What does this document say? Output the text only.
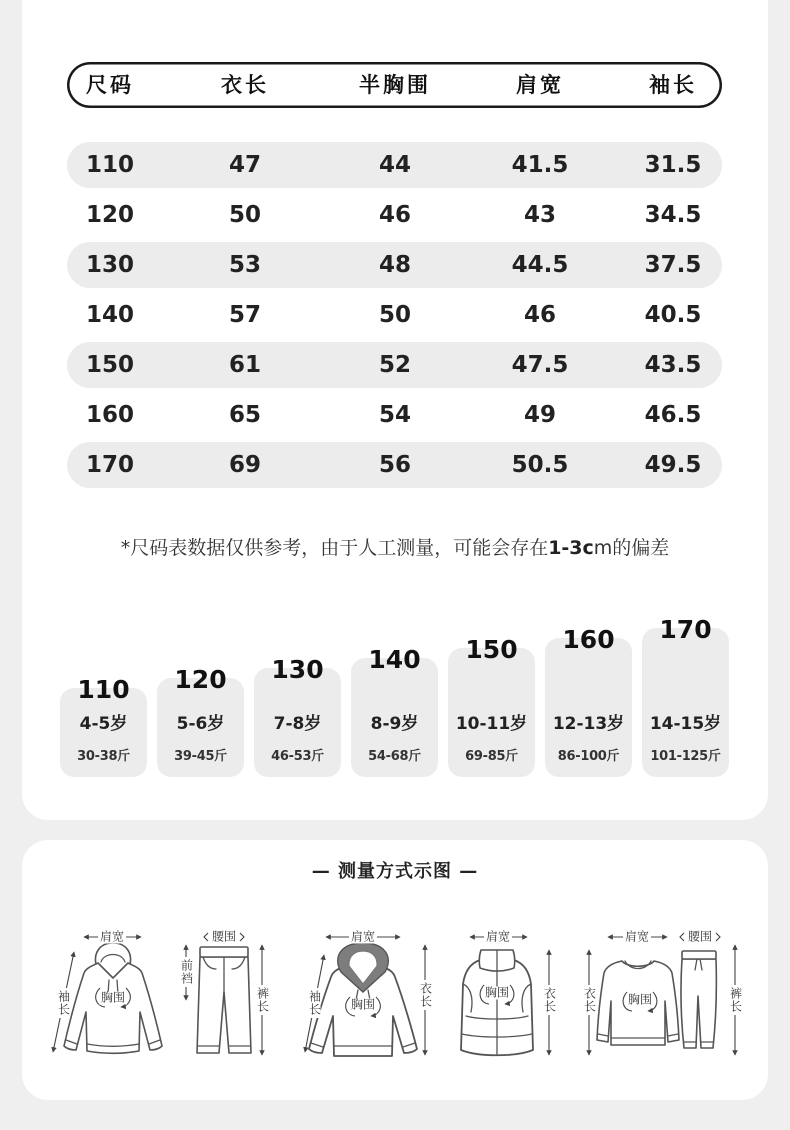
尺码	衣长	半胸围	肩宽	袖长
110	47	44	41.5	31.5
120	50	46	43	34.5
130	53	48	44.5	37.5
140	57	50	46	40.5
150	61	52	47.5	43.5
160	65	54	49	46.5
170	69	56	50.5	49.5
*尺码表数据仅供参考，由于人工测量，可能会存在1-3cm的偏差
110
4-5岁
30-38斤
120
5-6岁
39-45斤
130
7-8岁
46-53斤
140
8-9岁
54-68斤
150
10-11岁
69-85斤
160
12-13岁
86-100斤
170
14-15岁
101-125斤
— 测量方式示图 —
肩宽
袖长	胸围
腰围
前裆
裤长
肩宽
袖长	衣长
胸围
肩宽
胸围	衣长 衣长
肩宽	腰围
胸围	裤长
